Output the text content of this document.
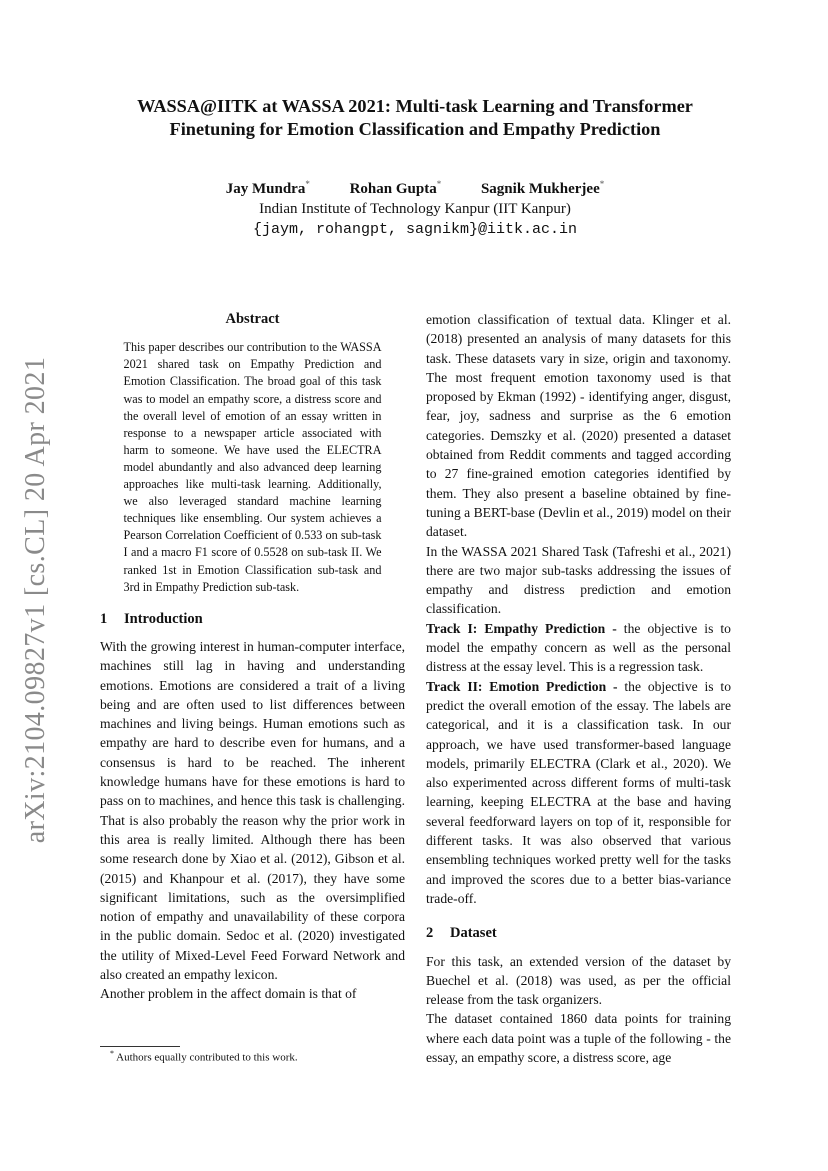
arXiv:2104.09827v1 [cs.CL] 20 Apr 2021
WASSA@IITK at WASSA 2021: Multi-task Learning and Transformer Finetuning for Emotion Classification and Empathy Prediction
Jay Mundra*	Rohan Gupta*	Sagnik Mukherjee*
Indian Institute of Technology Kanpur (IIT Kanpur)
{jaym, rohangpt, sagnikm}@iitk.ac.in
Abstract

This paper describes our contribution to the WASSA 2021 shared task on Empathy Prediction and Emotion Classification. The broad goal of this task was to model an empathy score, a distress score and the overall level of emotion of an essay written in response to a newspaper article associated with harm to someone. We have used the ELECTRA model abundantly and also advanced deep learning approaches like multi-task learning. Additionally, we also leveraged standard machine learning techniques like ensembling. Our system achieves a Pearson Correlation Coefficient of 0.533 on sub-task I and a macro F1 score of 0.5528 on sub-task II. We ranked 1st in Emotion Classification sub-task and 3rd in Empathy Prediction sub-task.

1 Introduction

With the growing interest in human-computer interface, machines still lag in having and understanding emotions. Emotions are considered a trait of a living being and are often used to list differences between machines and living beings. Human emotions such as empathy are hard to describe even for humans, and a consensus is hard to be reached. The inherent knowledge humans have for these emotions is hard to pass on to machines, and hence this task is challenging. That is also probably the reason why the prior work in this area is really limited. Although there has been some research done by Xiao et al. (2012), Gibson et al. (2015) and Khanpour et al. (2017), they have some significant limitations, such as the oversimplified notion of empathy and unavailability of these corpora in the public domain. Sedoc et al. (2020) investigated the utility of Mixed-Level Feed Forward Network and also created an empathy lexicon.

Another problem in the affect domain is that of

emotion classification of textual data. Klinger et al. (2018) presented an analysis of many datasets for this task. These datasets vary in size, origin and taxonomy. The most frequent emotion taxonomy used is that proposed by Ekman (1992) - identifying anger, disgust, fear, joy, sadness and surprise as the 6 emotion categories. Demszky et al. (2020) presented a dataset obtained from Reddit comments and tagged according to 27 fine-grained emotion categories identified by them. They also present a baseline obtained by fine-tuning a BERT-base (Devlin et al., 2019) model on their dataset.

In the WASSA 2021 Shared Task (Tafreshi et al., 2021) there are two major sub-tasks addressing the issues of empathy and distress prediction and emotion classification.

Track I: Empathy Prediction - the objective is to model the empathy concern as well as the personal distress at the essay level. This is a regression task.

Track II: Emotion Prediction - the objective is to predict the overall emotion of the essay. The labels are categorical, and it is a classification task. In our approach, we have used transformer-based language models, primarily ELECTRA (Clark et al., 2020). We also experimented across different forms of multi-task learning, keeping ELECTRA at the base and having several feedforward layers on top of it, responsible for different tasks. It was also observed that various ensembling techniques worked pretty well for the tasks and improved the scores due to a better bias-variance trade-off.

2 Dataset

For this task, an extended version of the dataset by Buechel et al. (2018) was used, as per the official release from the task organizers.

The dataset contained 1860 data points for training where each data point was a tuple of the following - the essay, an empathy score, a distress score, age

* Authors equally contributed to this work.
